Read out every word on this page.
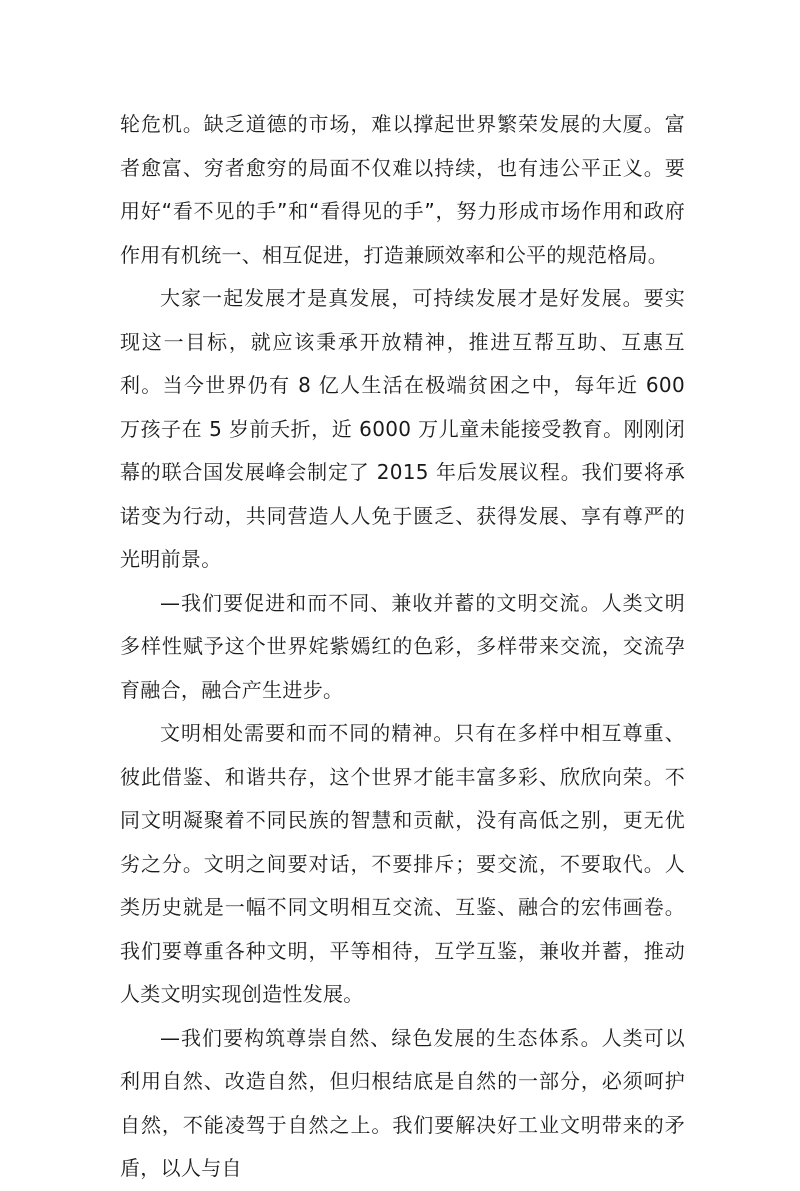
轮危机。缺乏道德的市场，难以撑起世界繁荣发展的大厦。富者愈富、穷者愈穷的局面不仅难以持续，也有违公平正义。要用好“看不见的手”和“看得见的手”，努力形成市场作用和政府作用有机统一、相互促进，打造兼顾效率和公平的规范格局。

大家一起发展才是真发展，可持续发展才是好发展。要实现这一目标，就应该秉承开放精神，推进互帮互助、互惠互利。当今世界仍有 8 亿人生活在极端贫困之中，每年近 600 万孩子在 5 岁前夭折，近 6000 万儿童未能接受教育。刚刚闭幕的联合国发展峰会制定了 2015 年后发展议程。我们要将承诺变为行动，共同营造人人免于匮乏、获得发展、享有尊严的光明前景。

—我们要促进和而不同、兼收并蓄的文明交流。人类文明多样性赋予这个世界姹紫嫣红的色彩，多样带来交流，交流孕育融合，融合产生进步。

文明相处需要和而不同的精神。只有在多样中相互尊重、彼此借鉴、和谐共存，这个世界才能丰富多彩、欣欣向荣。不同文明凝聚着不同民族的智慧和贡献，没有高低之别，更无优劣之分。文明之间要对话，不要排斥；要交流，不要取代。人类历史就是一幅不同文明相互交流、互鉴、融合的宏伟画卷。我们要尊重各种文明，平等相待，互学互鉴，兼收并蓄，推动人类文明实现创造性发展。

—我们要构筑尊崇自然、绿色发展的生态体系。人类可以利用自然、改造自然，但归根结底是自然的一部分，必须呵护自然，不能凌驾于自然之上。我们要解决好工业文明带来的矛盾，以人与自
